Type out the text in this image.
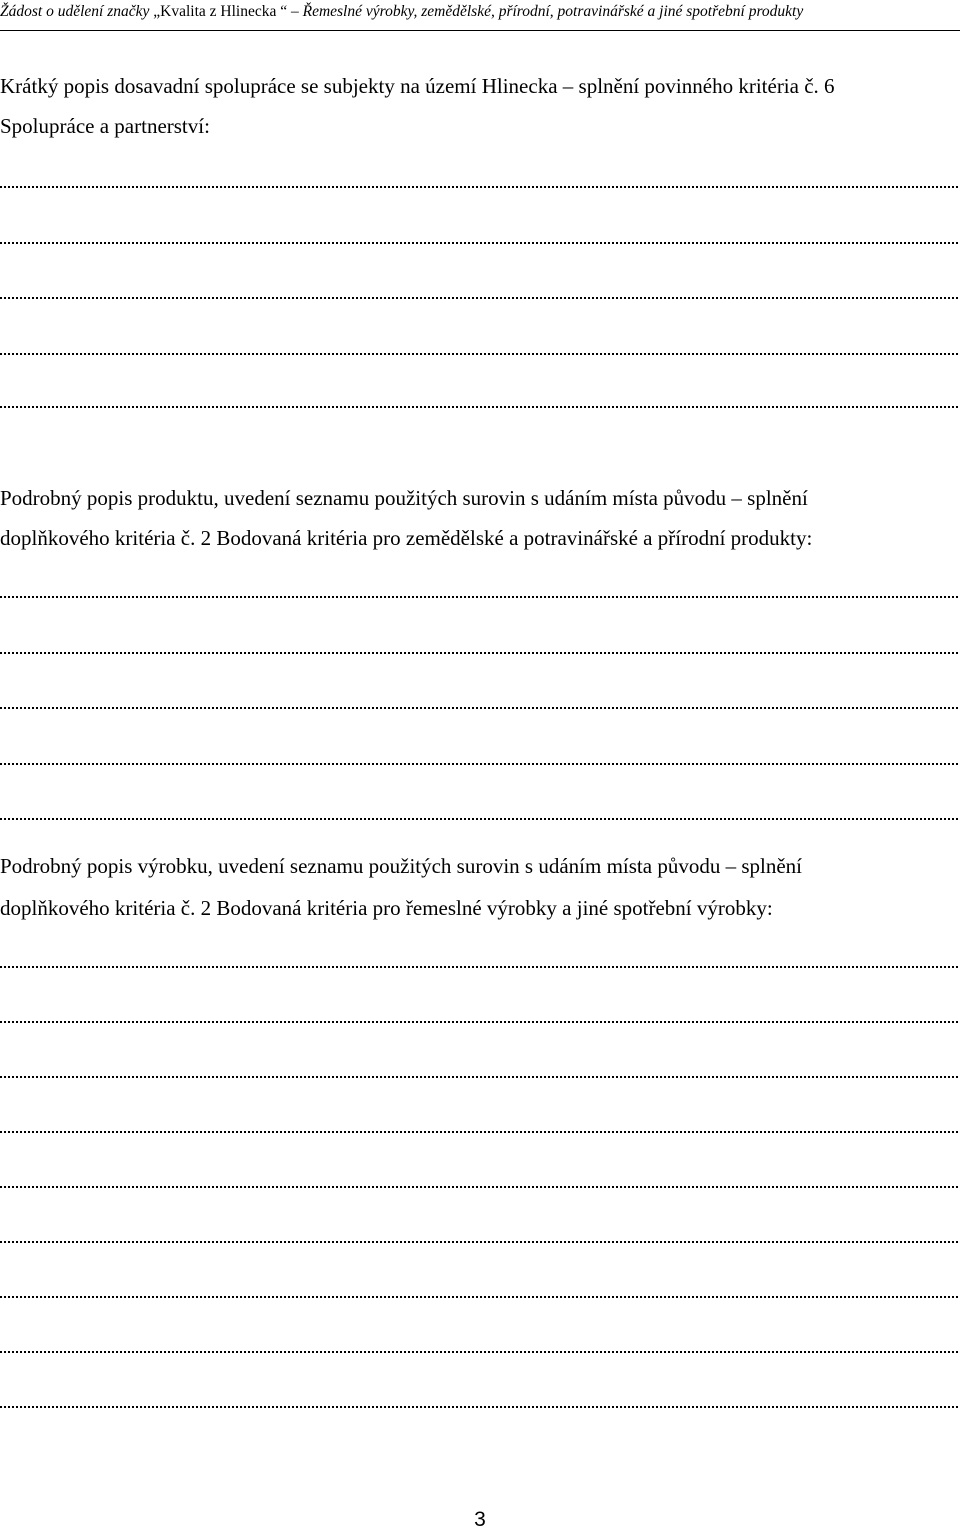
Žádost o udělení značky „Kvalita z Hlinecka “ – Řemeslné výrobky, zemědělské, přírodní, potravinářské a jiné spotřební produkty
Krátký popis dosavadní spolupráce se subjekty na území Hlinecka – splnění povinného kritéria č. 6
Spolupráce a partnerství:
Podrobný popis produktu, uvedení seznamu použitých surovin s udáním místa původu – splnění
doplňkového kritéria č. 2 Bodovaná kritéria pro zemědělské a potravinářské a přírodní produkty:
Podrobný popis výrobku, uvedení seznamu použitých surovin s udáním místa původu – splnění
doplňkového kritéria č. 2 Bodovaná kritéria pro řemeslné výrobky a jiné spotřební výrobky:
3
